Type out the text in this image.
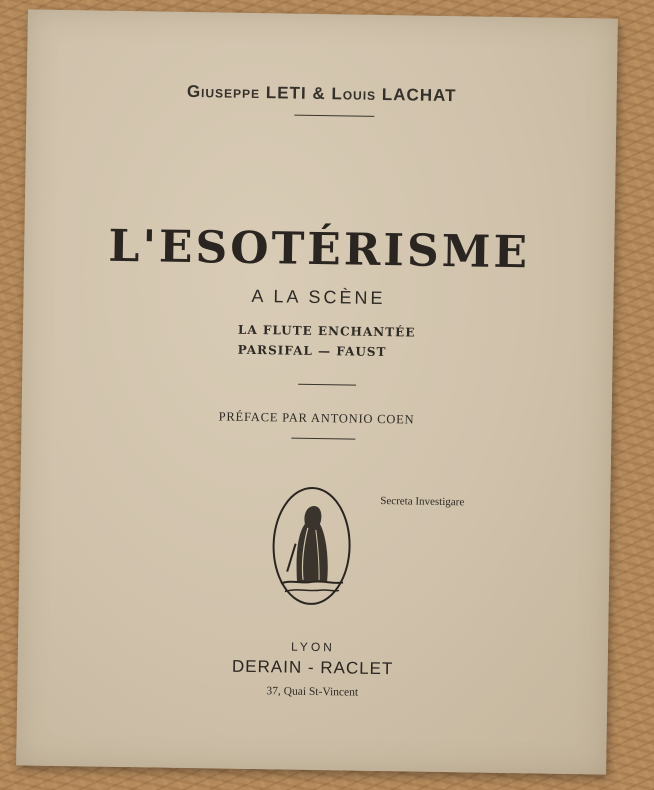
Giuseppe LETI & Louis LACHAT
L'ESOTÉRISME
A LA SCÈNE
LA FLUTE ENCHANTÉE
PARSIFAL — FAUST
PRÉFACE PAR ANTONIO COEN
Secreta Investigare
LYON
DERAIN - RACLET
37, Quai St-Vincent
